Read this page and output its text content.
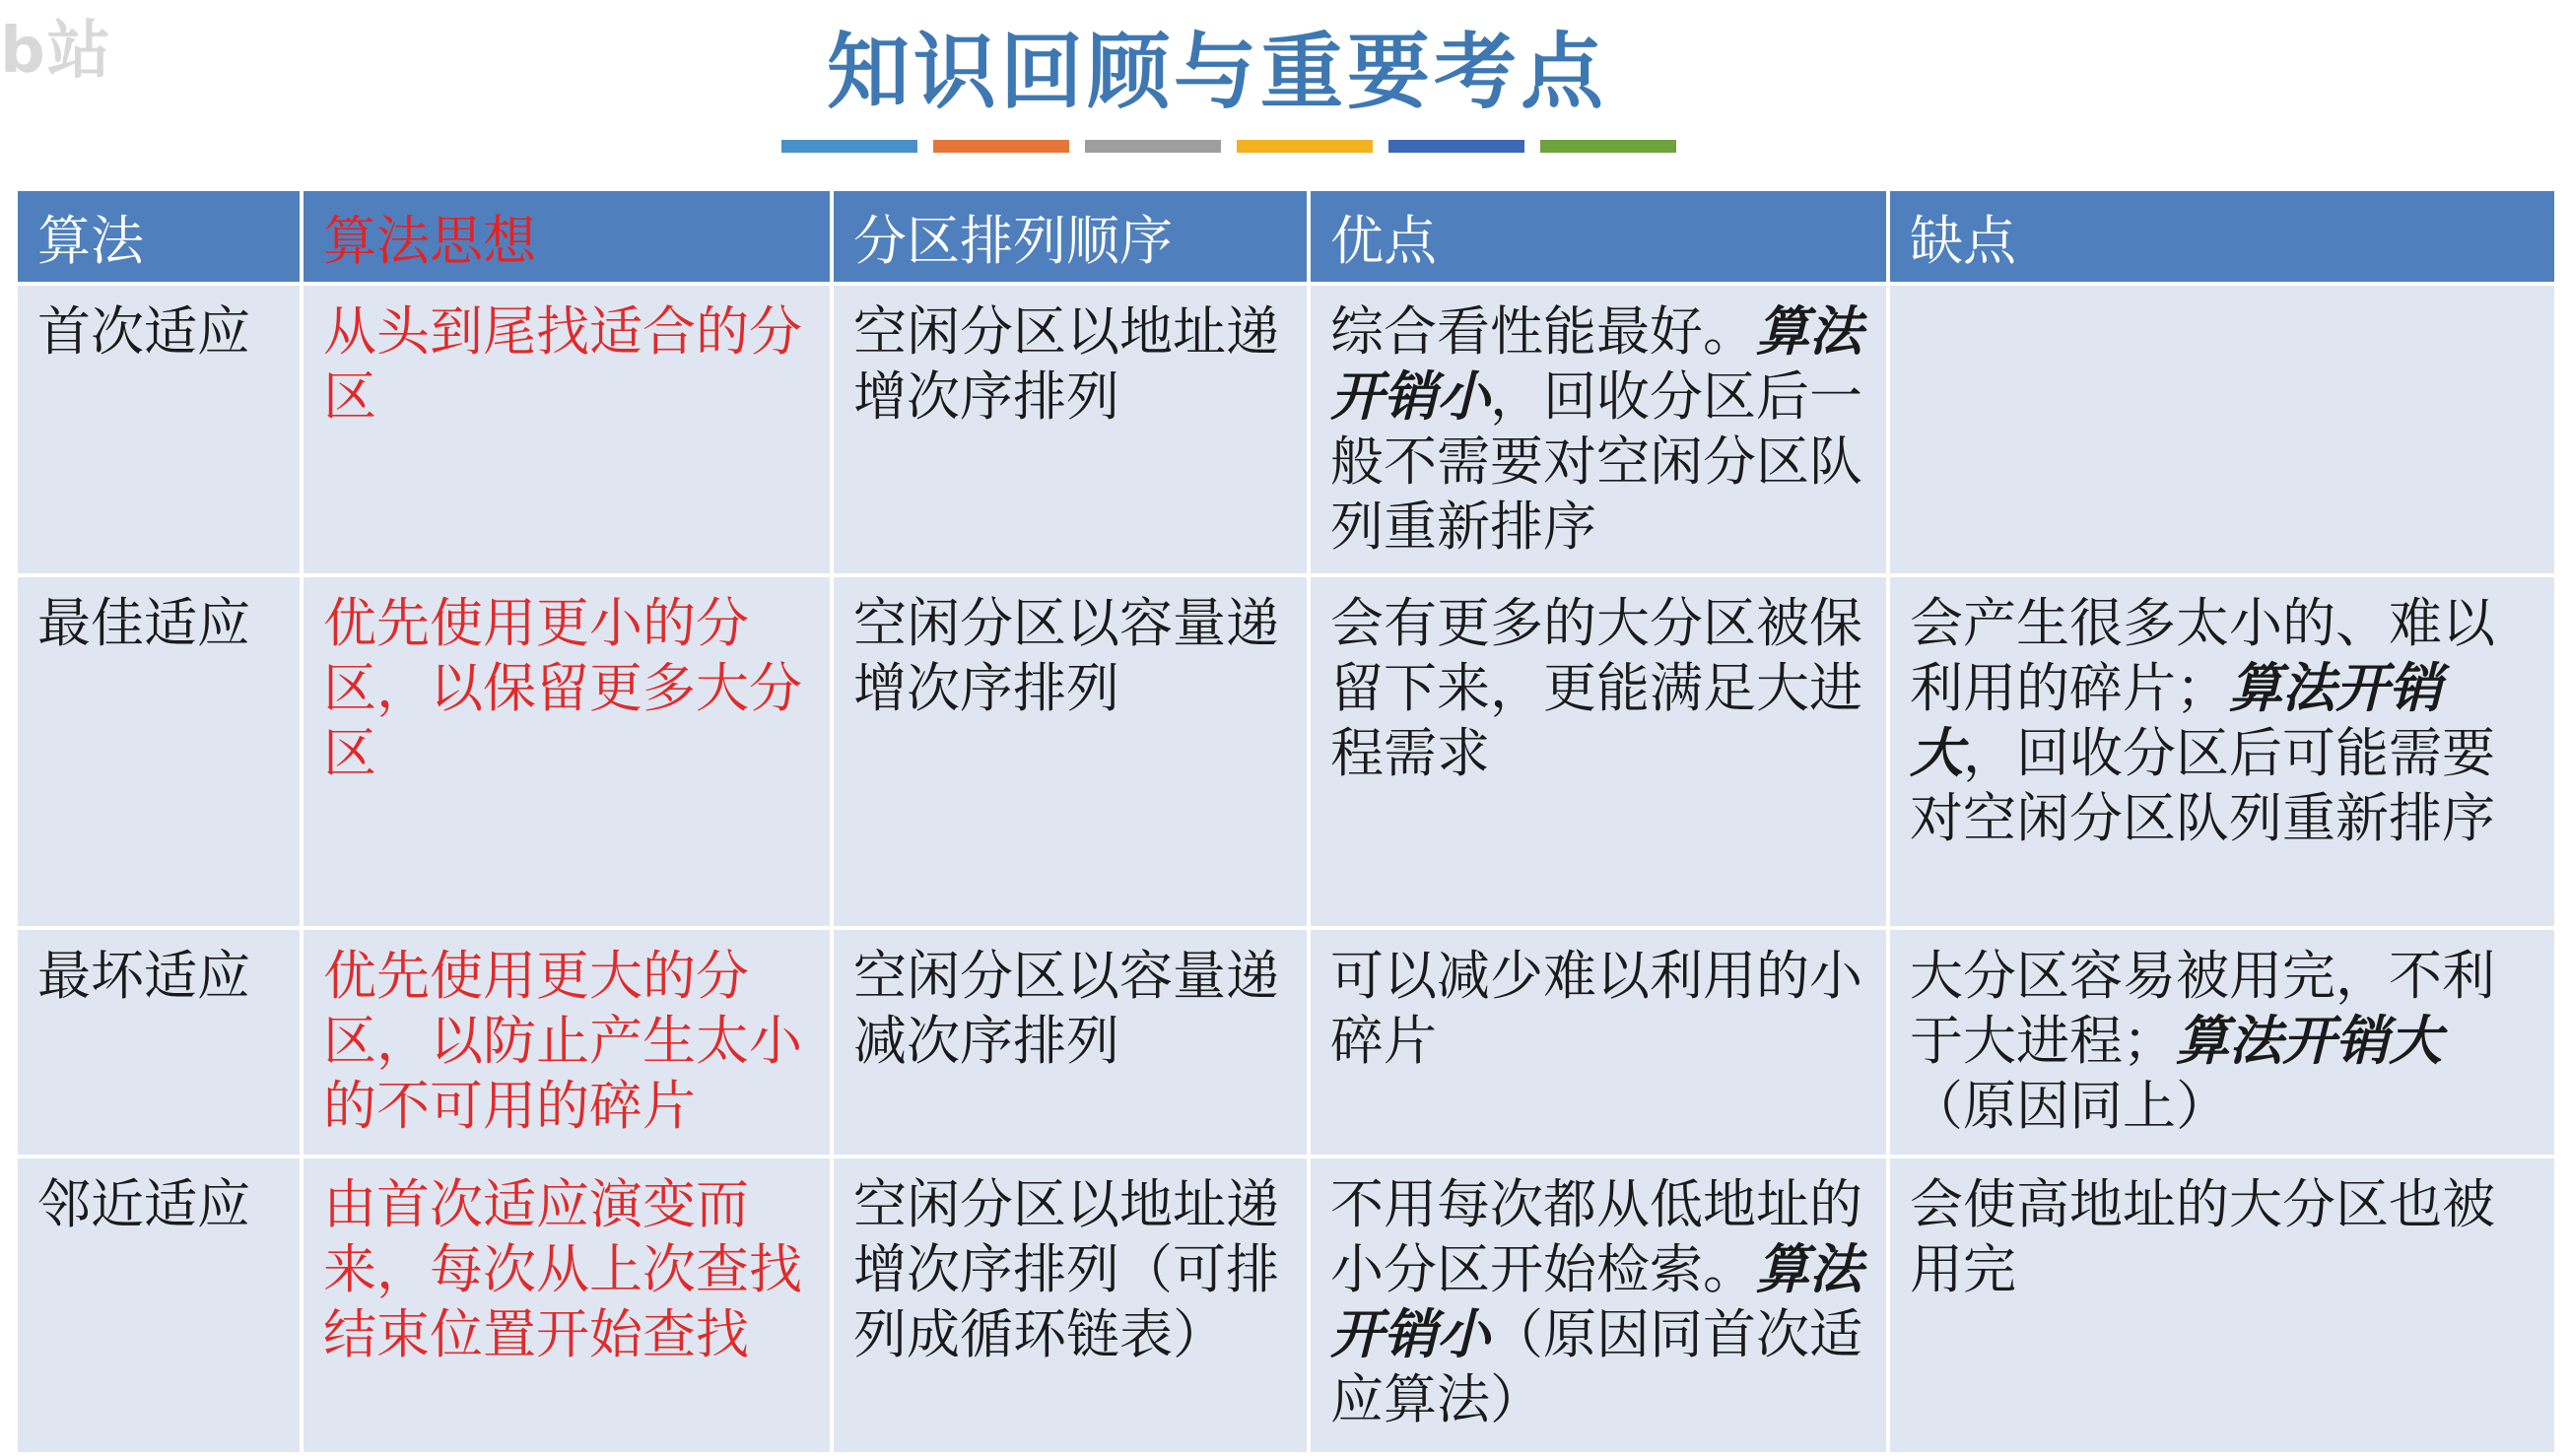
b站	知识回顾与重要考点
算法	算法思想	分区排列顺序	优点	缺点
首次适应	从头到尾找适合的分区	空闲分区以地址递增次序排列	综合看性能最好。算法开销小，回收分区后一般不需要对空闲分区队列重新排序	
最佳适应	优先使用更小的分区，以保留更多大分区	空闲分区以容量递增次序排列	会有更多的大分区被保留下来，更能满足大进程需求	会产生很多太小的、难以利用的碎片；算法开销大，回收分区后可能需要对空闲分区队列重新排序
最坏适应	优先使用更大的分区，以防止产生太小的不可用的碎片	空闲分区以容量递减次序排列	可以减少难以利用的小碎片	大分区容易被用完，不利于大进程；算法开销大（原因同上）
邻近适应	由首次适应演变而来，每次从上次查找结束位置开始查找	空闲分区以地址递增次序排列（可排列成循环链表）	不用每次都从低地址的小分区开始检索。算法开销小（原因同首次适应算法）	会使高地址的大分区也被用完
